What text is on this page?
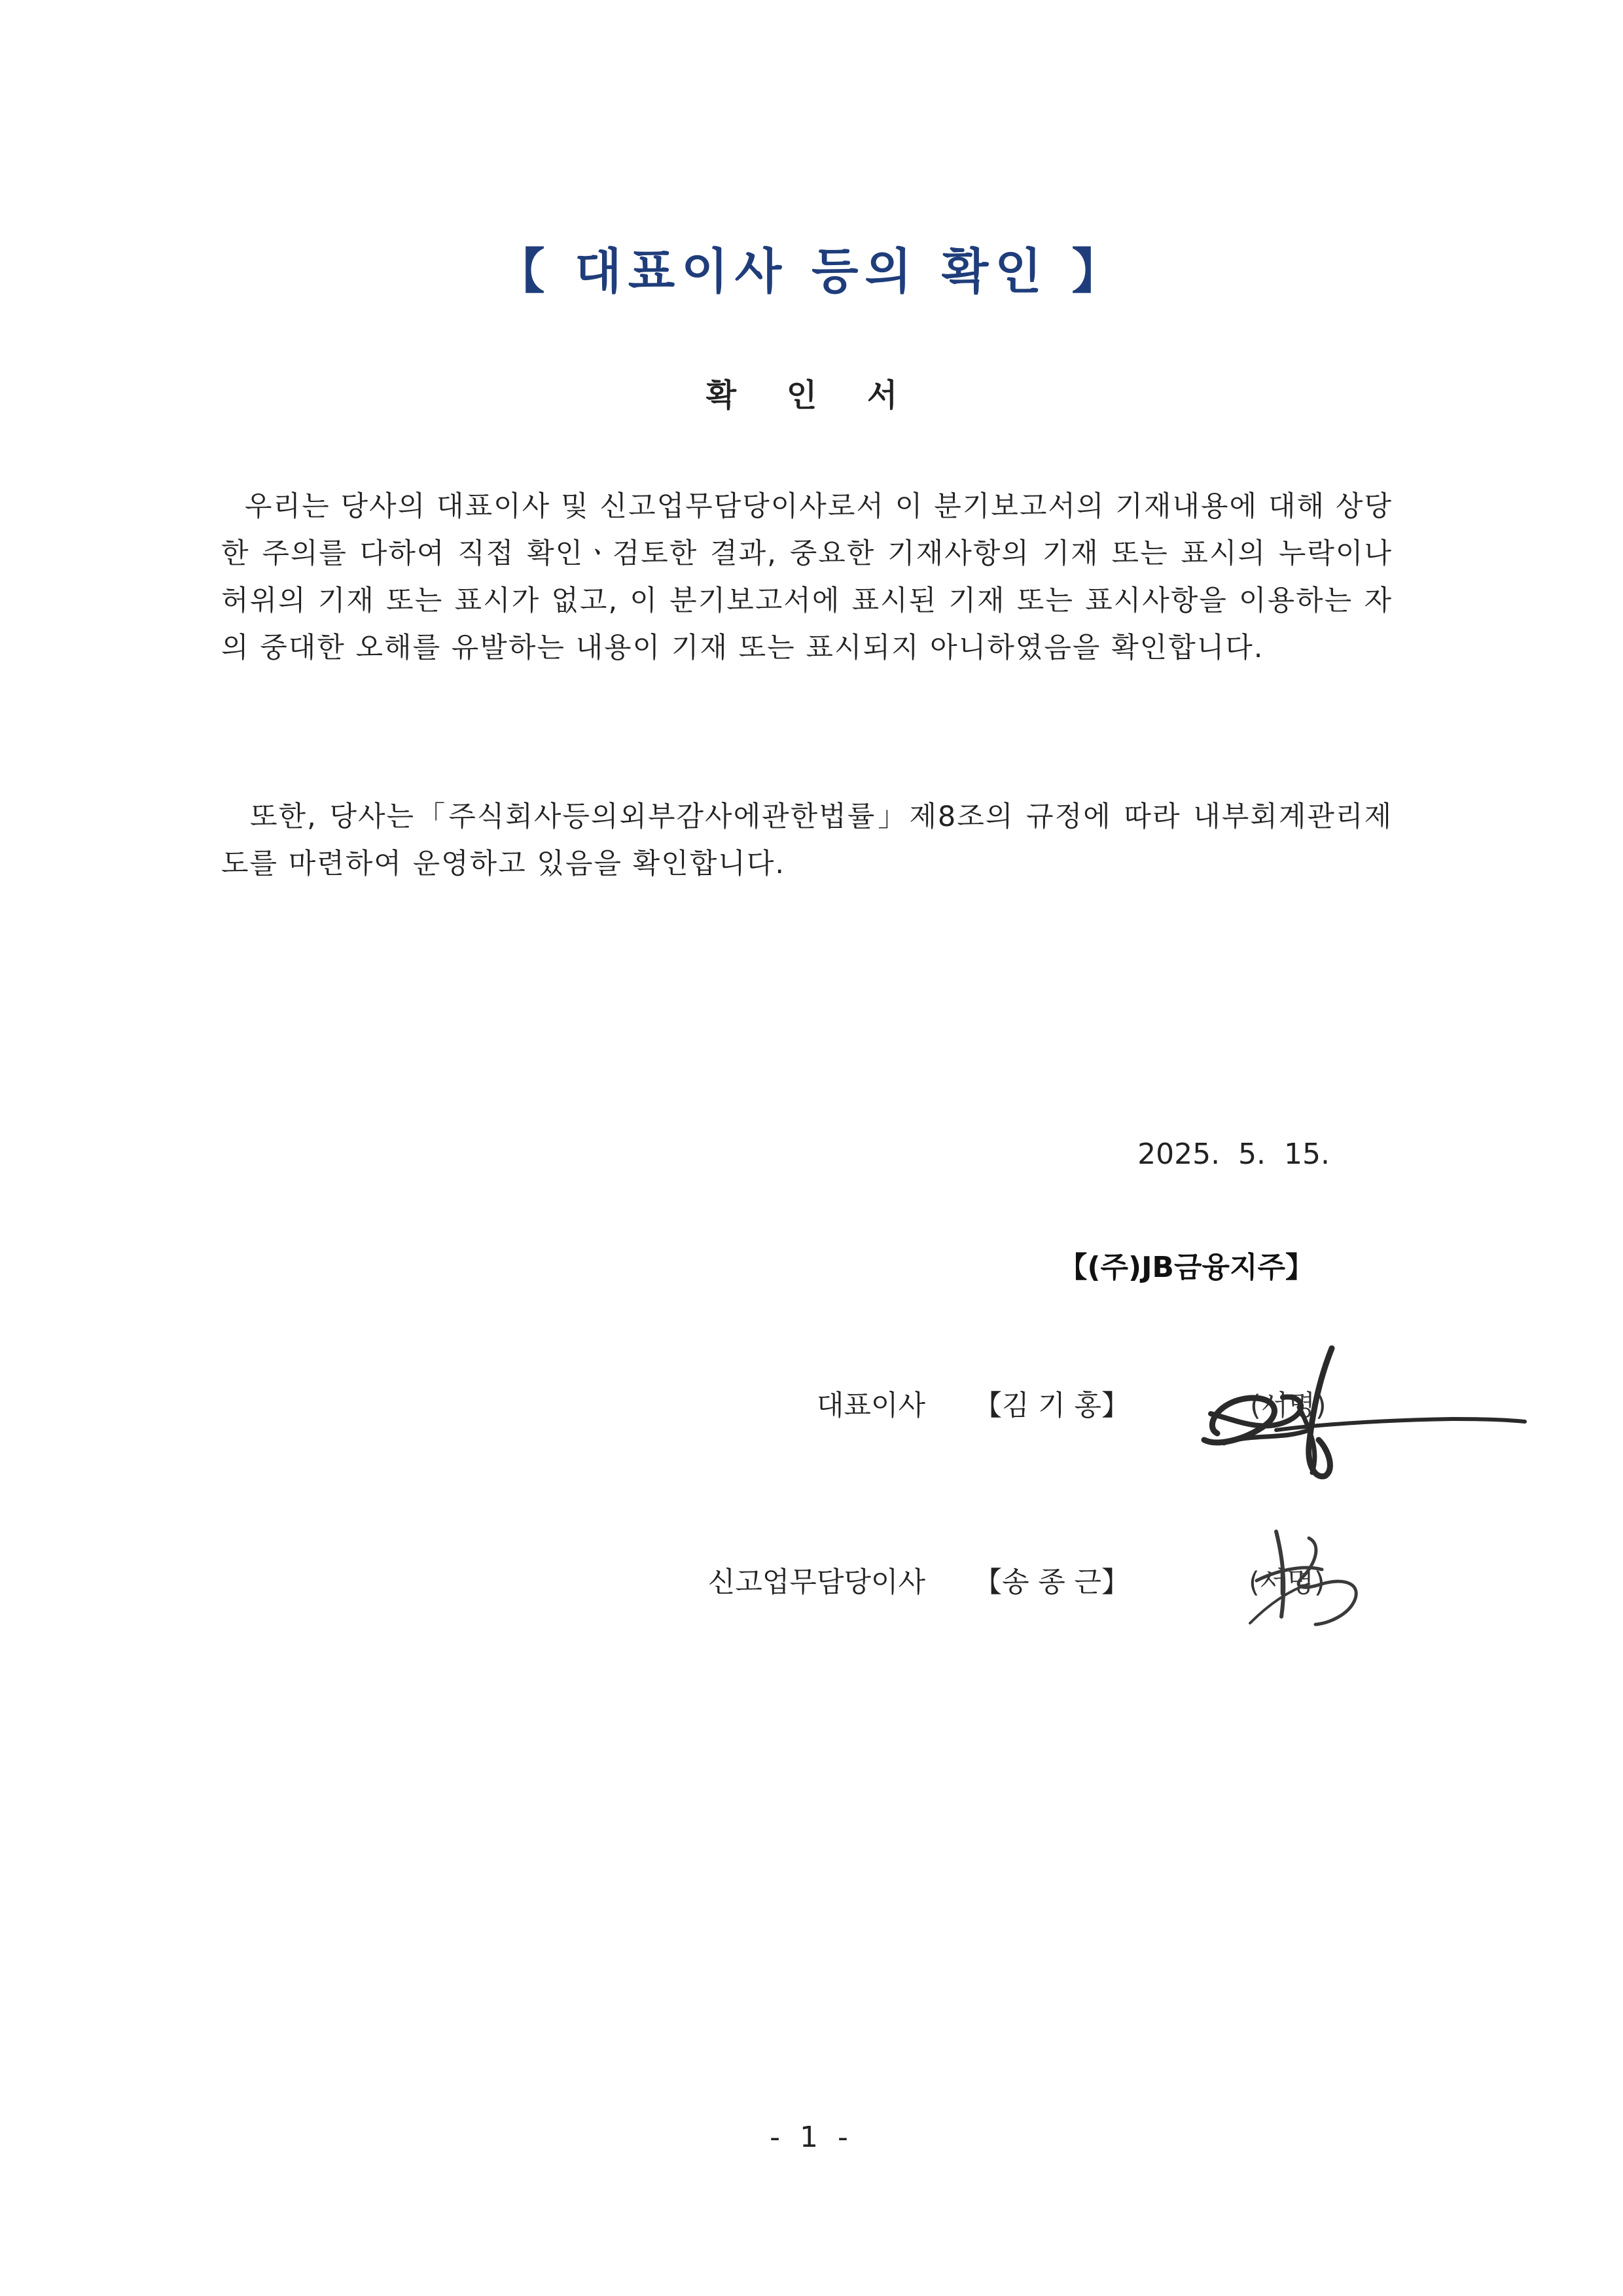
【 대표이사 등의 확인 】
확 인 서

우리는 당사의 대표이사 및 신고업무담당이사로서 이 분기보고서의 기재내용에 대해 상당한 주의를 다하여 직접 확인ㆍ검토한 결과, 중요한 기재사항의 기재 또는 표시의 누락이나 허위의 기재 또는 표시가 없고, 이 분기보고서에 표시된 기재 또는 표시사항을 이용하는 자의 중대한 오해를 유발하는 내용이 기재 또는 표시되지 아니하였음을 확인합니다.

또한, 당사는「주식회사등의외부감사에관한법률」제8조의 규정에 따라 내부회계관리제도를 마련하여 운영하고 있음을 확인합니다.

2025.  5.  15.
【(주)JB금융지주】
대표이사 【김 기 홍】	(서명)
신고업무담당이사 【송 종 근】	(서명)
- 1 -
